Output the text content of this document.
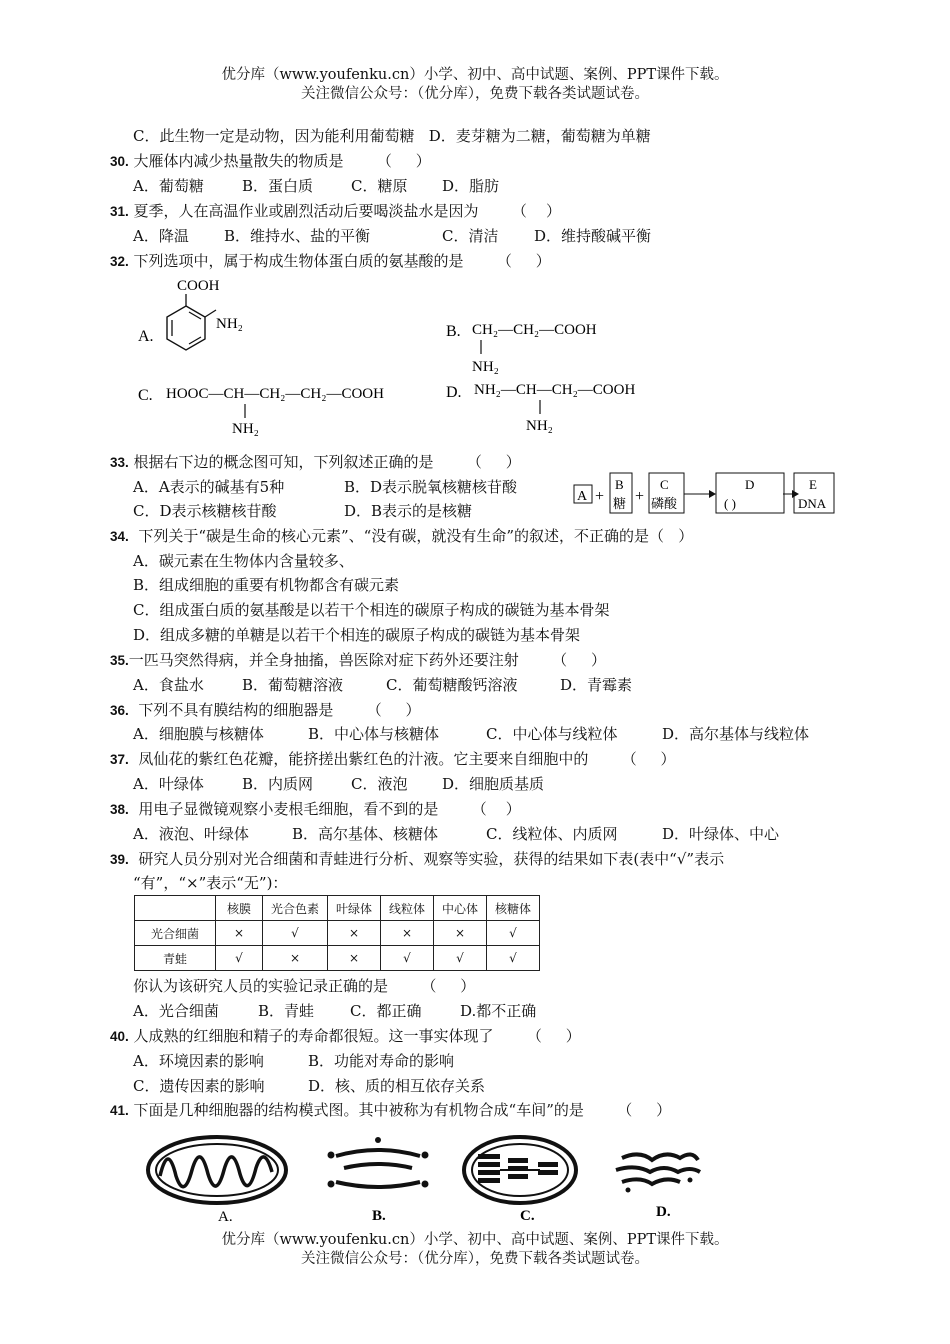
优分库（www.youfenku.cn）小学、初中、高中试题、案例、PPT课件下载。
关注微信公众号：（优分库），免费下载各类试题试卷。
C．此生物一定是动物，因为能利用葡萄糖   D．麦芽糖为二糖，葡萄糖为单糖
30. 大雁体内减少热量散失的物质是       （     ）
A．葡萄糖	B．蛋白质	C．糖原 D．脂肪
31. 夏季，人在高温作业或剧烈活动后要喝淡盐水是因为       （    ）
A．降温 B．维持水、盐的平衡	C．清洁 D．维持酸碱平衡
32. 下列选项中，属于构成生物体蛋白质的氨基酸的是       （     ）
A.
COOH
NH₂	B. CH₂—CH₂—COOH
NH₂
C. HOOC—CH—CH₂—CH₂—COOH
NH₂
D. NH₂—CH—CH₂—COOH
NH₂
33. 根据右下边的概念图可知，下列叙述正确的是       （     ）
A．A表示的碱基有5种	B．D表示脱氧核糖核苷酸
C．D表示核糖核苷酸	D．B表示的是核糖
A +
B
糖 +
C
磷酸
D
( )
E
DNA
34.  下列关于“碳是生命的核心元素”、“没有碳，就没有生命”的叙述，不正确的是（   ）
A．碳元素在生物体内含量较多、
B．组成细胞的重要有机物都含有碳元素
C．组成蛋白质的氨基酸是以若干个相连的碳原子构成的碳链为基本骨架
D．组成多糖的单糖是以若干个相连的碳原子构成的碳链为基本骨架
35.一匹马突然得病，并全身抽搐，兽医除对症下药外还要注射       （     ）
A．食盐水	B．葡萄糖溶液	C．葡萄糖酸钙溶液	D．青霉素
36.  下列不具有膜结构的细胞器是       （     ）
A．细胞膜与核糖体	B．中心体与核糖体	C．中心体与线粒体	D．高尔基体与线粒体
37.  凤仙花的紫红色花瓣，能挤搓出紫红色的汁液。它主要来自细胞中的       （     ）
A．叶绿体	B．内质网	C．液泡 D．细胞质基质
38.  用电子显微镜观察小麦根毛细胞，看不到的是       （    ）
A．液泡、叶绿体	B．高尔基体、核糖体	C．线粒体、内质网	D．叶绿体、中心
39.  研究人员分别对光合细菌和青蛙进行分析、观察等实验，获得的结果如下表(表中“√”表示
“有”，“×”表示“无”)：
	核膜	光合色素	叶绿体	线粒体	中心体	核糖体
光合细菌	×	√	×	×	×	√
青蛙	√	×	×	√	√	√
你认为该研究人员的实验记录正确的是       （     ）
A．光合细菌	B．青蛙 C．都正确	D.都不正确
40. 人成熟的红细胞和精子的寿命都很短。这一事实体现了       （     ）
A．环境因素的影响	B．功能对寿命的影响
C．遗传因素的影响	D．核、质的相互依存关系
41. 下面是几种细胞器的结构模式图。其中被称为有机物合成“车间”的是       （     ）
A.	B.	C.	D.
优分库（www.youfenku.cn）小学、初中、高中试题、案例、PPT课件下载。
关注微信公众号：（优分库），免费下载各类试题试卷。
